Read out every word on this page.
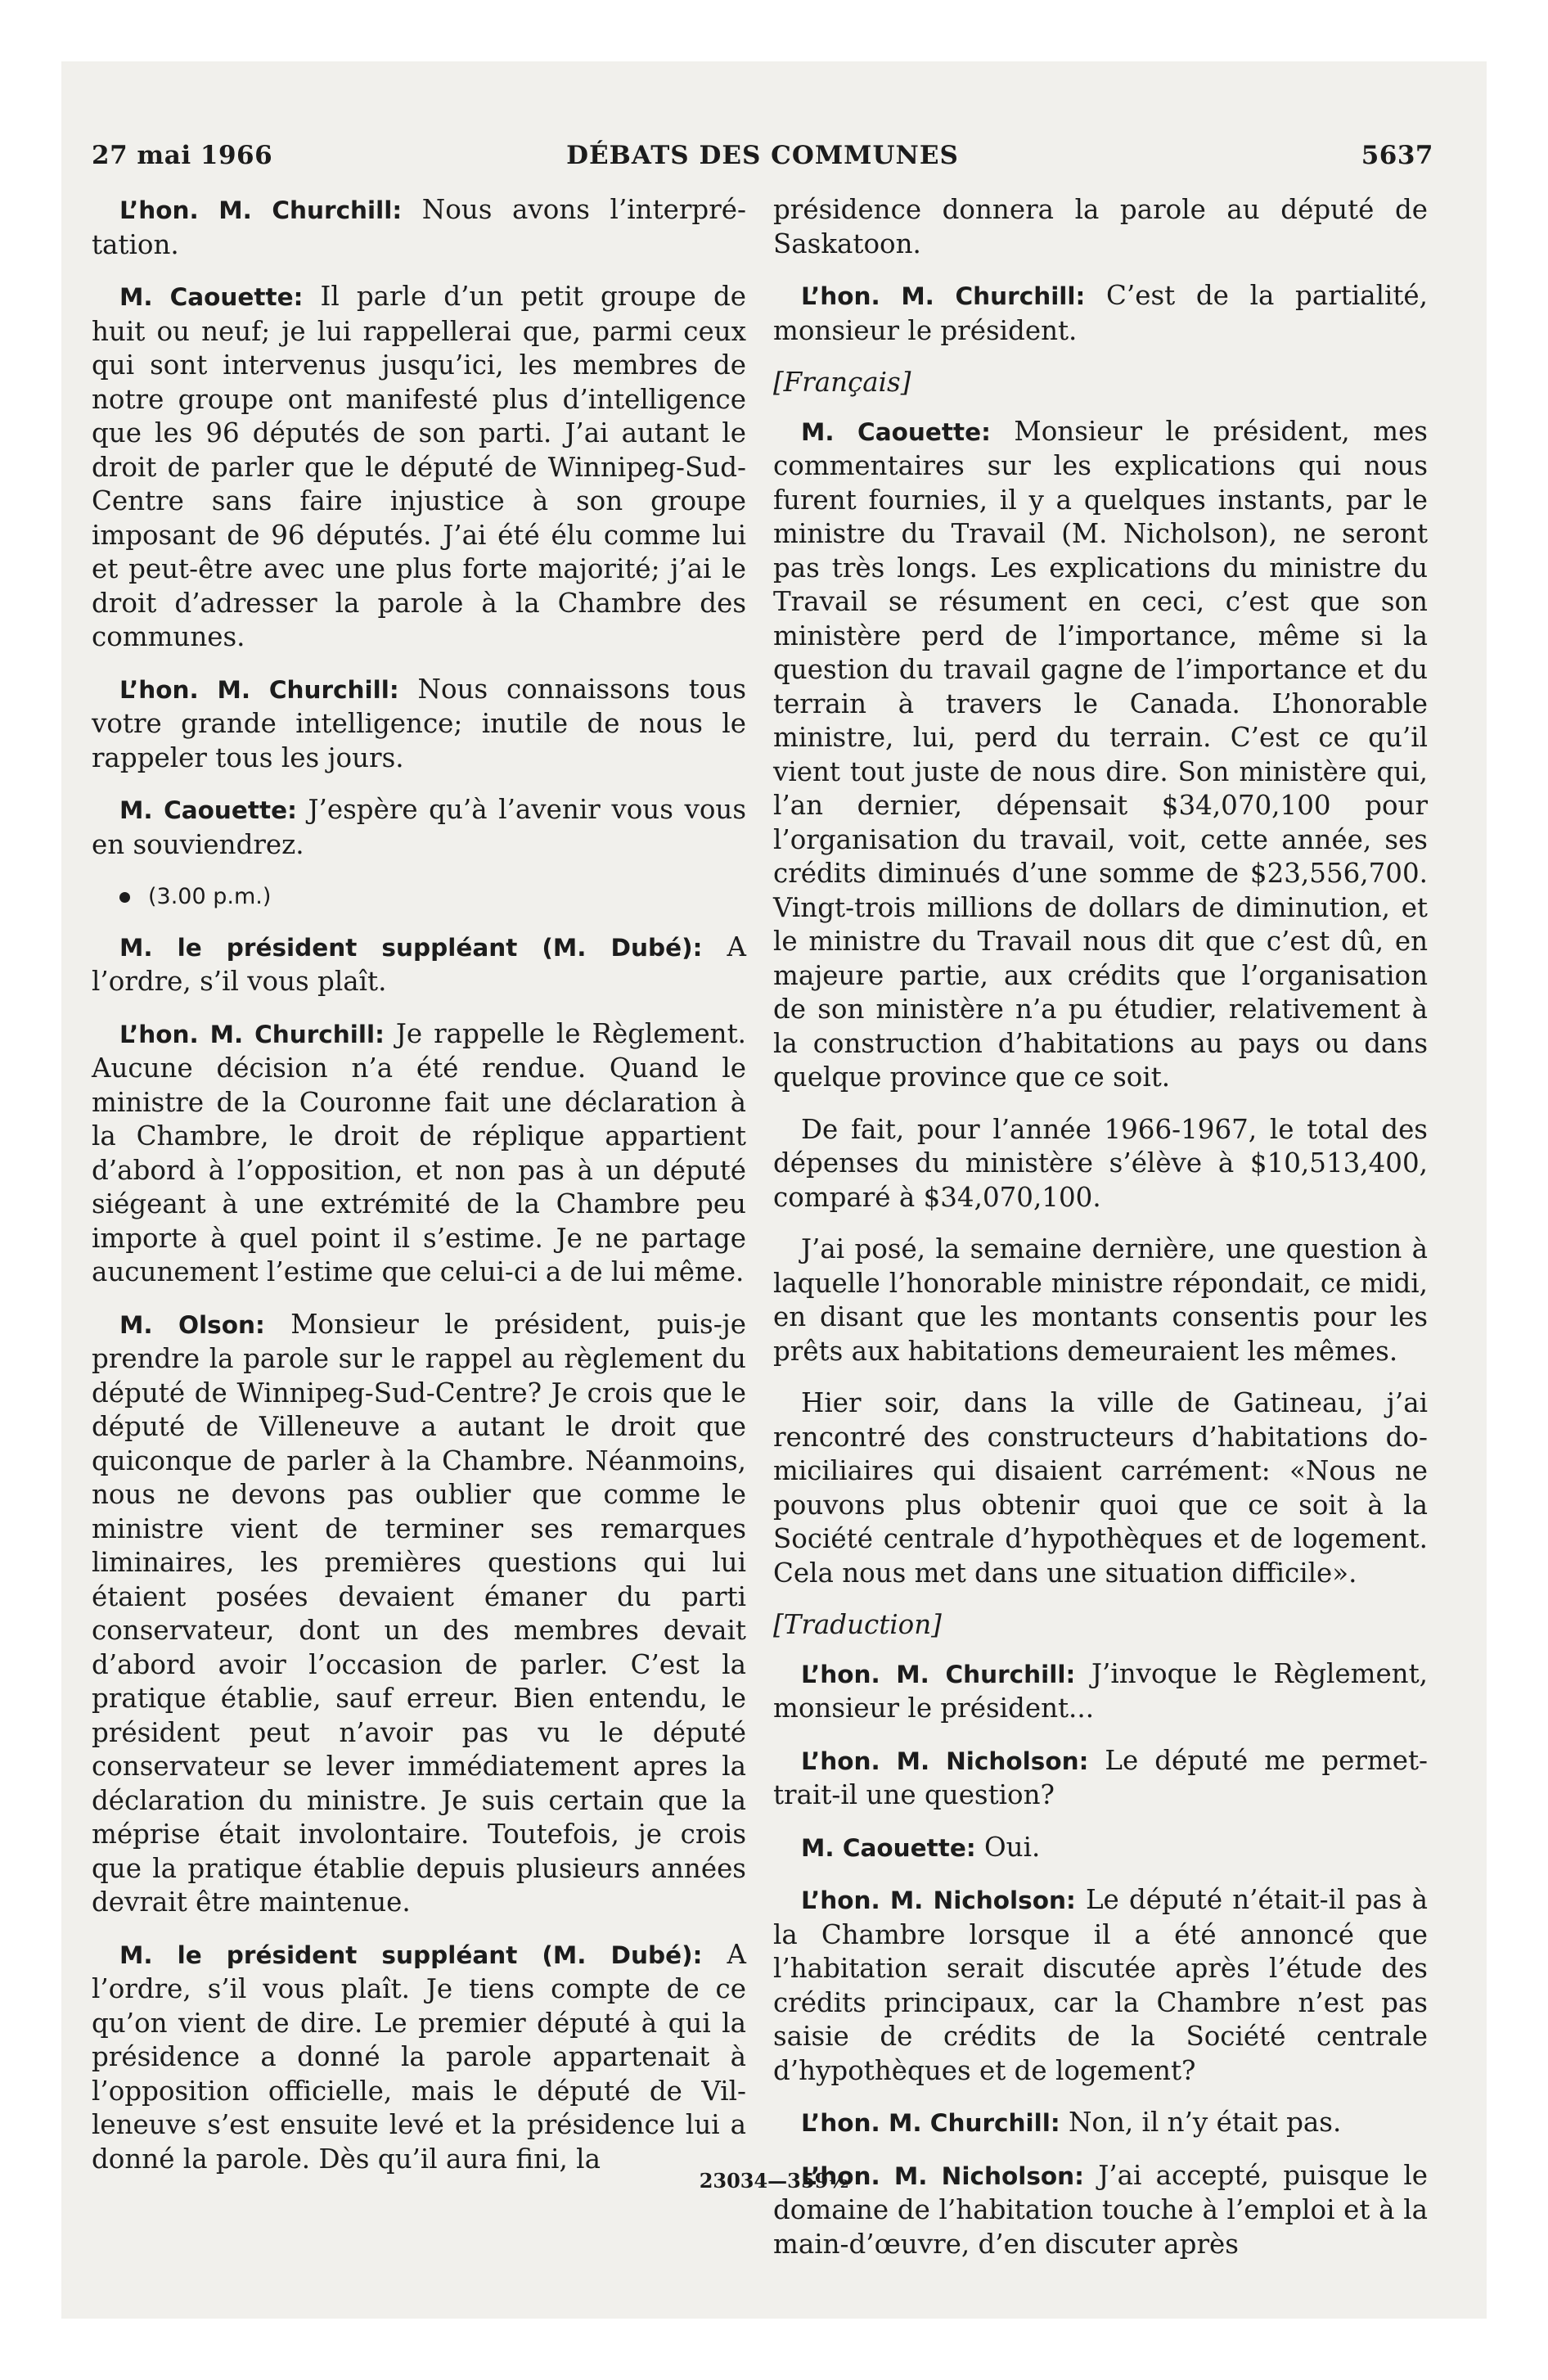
27 mai 1966	DÉBATS DES COMMUNES	5637

L’hon. M. Churchill: Nous avons l’interprétation.

M. Caouette: Il parle d’un petit groupe de huit ou neuf; je lui rappellerai que, parmi ceux qui sont intervenus jusqu’ici, les membres de notre groupe ont manifesté plus d’intelligence que les 96 députés de son parti. J’ai autant le droit de parler que le député de Winnipeg-Sud-Centre sans faire injustice à son groupe imposant de 96 députés. J’ai été élu comme lui et peut-être avec une plus forte majorité; j’ai le droit d’adresser la parole à la Chambre des communes.

L’hon. M. Churchill: Nous connaissons tous votre grande intelligence; inutile de nous le rappeler tous les jours.

M. Caouette: J’espère qu’à l’avenir vous vous en souviendrez.

(3.00 p.m.)

M. le président suppléant (M. Dubé): A l’ordre, s’il vous plaît.

L’hon. M. Churchill: Je rappelle le Règlement. Aucune décision n’a été rendue. Quand le ministre de la Couronne fait une déclaration à la Chambre, le droit de réplique appartient d’abord à l’opposition, et non pas à un député siégeant à une extrémité de la Chambre peu importe à quel point il s’estime. Je ne partage aucunement l’estime que celui-ci a de lui même.

M. Olson: Monsieur le président, puis-je prendre la parole sur le rappel au règlement du député de Winnipeg-Sud-Centre? Je crois que le député de Villeneuve a autant le droit que quiconque de parler à la Chambre. Néanmoins, nous ne devons pas oublier que comme le ministre vient de terminer ses remarques liminaires, les premières questions qui lui étaient posées devaient émaner du parti conservateur, dont un des membres devait d’abord avoir l’occasion de parler. C’est la pratique établie, sauf erreur. Bien entendu, le président peut n’avoir pas vu le député conservateur se lever immédiatement apres la déclaration du ministre. Je suis certain que la méprise était involontaire. Toutefois, je crois que la pratique établie depuis plusieurs années devrait être maintenue.

M. le président suppléant (M. Dubé): A l’ordre, s’il vous plaît. Je tiens compte de ce qu’on vient de dire. Le premier député à qui la présidence a donné la parole appartenait à l’opposition officielle, mais le député de Villeneuve s’est ensuite levé et la présidence lui a donné la parole. Dès qu’il aura fini, la

présidence donnera la parole au député de Saskatoon.

L’hon. M. Churchill: C’est de la partialité, monsieur le président.

[Français]

M. Caouette: Monsieur le président, mes commentaires sur les explications qui nous furent fournies, il y a quelques instants, par le ministre du Travail (M. Nicholson), ne seront pas très longs. Les explications du ministre du Travail se résument en ceci, c’est que son ministère perd de l’importance, même si la question du travail gagne de l’importance et du terrain à travers le Canada. L’honorable ministre, lui, perd du terrain. C’est ce qu’il vient tout juste de nous dire. Son ministère qui, l’an dernier, dépensait $34,070,100 pour l’organisation du travail, voit, cette année, ses crédits diminués d’une somme de $23,556,700. Vingt-trois millions de dollars de diminution, et le ministre du Travail nous dit que c’est dû, en majeure partie, aux crédits que l’organisation de son ministère n’a pu étudier, relativement à la construction d’habitations au pays ou dans quelque province que ce soit.

De fait, pour l’année 1966-1967, le total des dépenses du ministère s’élève à $10,513,400, comparé à $34,070,100.

J’ai posé, la semaine dernière, une question à laquelle l’honorable ministre répondait, ce midi, en disant que les montants consentis pour les prêts aux habitations demeuraient les mêmes.

Hier soir, dans la ville de Gatineau, j’ai rencontré des constructeurs d’habitations domiciliaires qui disaient carrément: «Nous ne pouvons plus obtenir quoi que ce soit à la Société centrale d’hypothèques et de logement. Cela nous met dans une situation difficile».

[Traduction]

L’hon. M. Churchill: J’invoque le Règlement, monsieur le président...

L’hon. M. Nicholson: Le député me permettrait-il une question?

M. Caouette: Oui.

L’hon. M. Nicholson: Le député n’était-il pas à la Chambre lorsque il a été annoncé que l’habitation serait discutée après l’étude des crédits principaux, car la Chambre n’est pas saisie de crédits de la Société centrale d’hypothèques et de logement?

L’hon. M. Churchill: Non, il n’y était pas.

L’hon. M. Nicholson: J’ai accepté, puisque le domaine de l’habitation touche à l’emploi et à la main-d’œuvre, d’en discuter après

23034—359½
